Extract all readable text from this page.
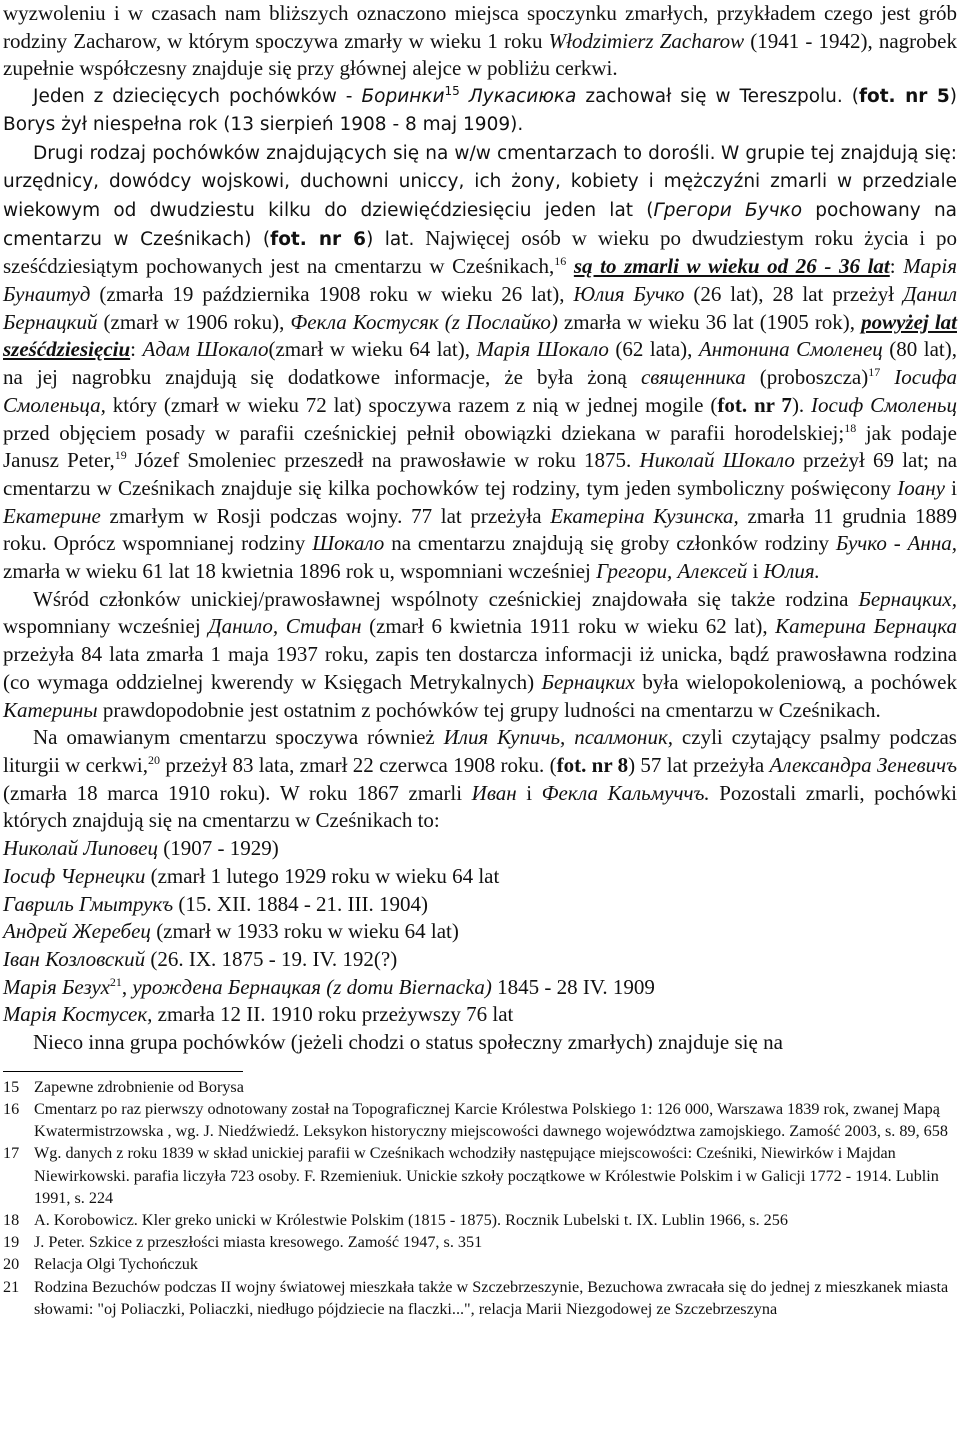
wyzwoleniu i w czasach nam bliższych oznaczono miejsca spoczynku zmarłych, przykładem czego jest grób rodziny Zacharow, w którym spoczywa zmarły w wieku 1 roku Włodzimierz Zacharow (1941 - 1942), nagrobek zupełnie współczesny znajduje się przy głównej alejce w pobliżu cerkwi.

Jeden z dziecięcych pochówków - Боринки$^{15}$ Лукасиюка zachował się w Tereszpolu. (fot. nr 5) Borys żył niespełna rok (13 sierpień 1908 - 8 maj 1909).

Drugi rodzaj pochówków znajdujących się na w/w cmentarzach to dorośli. W grupie tej znajdują się: urzędnicy, dowódcy wojskowi, duchowni uniccy, ich żony, kobiety i mężczyźni zmarli w przedziale wiekowym od dwudziestu kilku do dziewięćdziesięciu jeden lat (Грегори Бучко pochowany na cmentarzu w Cześnikach) (fot. nr 6) lat. Najwięcej osób w wieku po dwudziestym roku życia i po sześćdziesiątym pochowanych jest na cmentarzu w Cześnikach,$^{16}$ są to zmarli w wieku od 26 - 36 lat: Марія Бунаитуд (zmarła 19 października 1908 roku w wieku 26 lat), Юлия Бучко (26 lat), 28 lat przeżył Данил Бернацкий (zmarł w 1906 roku), Фекла Костусяк (z Послайко) zmarła w wieku 36 lat (1905 rok), powyżej lat sześćdziesięciu: Адам Шокало(zmarł w wieku 64 lat), Марія Шокало (62 lata), Антонина Смоленец (80 lat), na jej nagrobku znajdują się dodatkowe informacje, że była żoną священника (proboszcza)$^{17}$ Іосифа Смоленьца, który (zmarł w wieku 72 lat) spoczywa razem z nią w jednej mogile (fot. nr 7). Іосиф Смоленьц przed objęciem posady w parafii cześnickiej pełnił obowiązki dziekana w parafii horodelskiej;$^{18}$ jak podaje Janusz Peter,$^{19}$ Józef Smoleniec przeszedł na prawosławie w roku 1875. Николай Шокало przeżył 69 lat; na cmentarzu w Cześnikach znajduje się kilka pochowków tej rodziny, tym jeden symboliczny poświęcony Іоану i Екатерине zmarłym w Rosji podczas wojny. 77 lat przeżyła Екатеріна Кузинска, zmarła 11 grudnia 1889 roku. Oprócz wspomnianej rodziny Шокало na cmentarzu znajdują się groby członków rodziny Бучко - Анна, zmarła w wieku 61 lat 18 kwietnia 1896 rok u, wspomniani wcześniej Грегори, Алексей i Юлия.

Wśród członków unickiej/prawosławnej wspólnoty cześnickiej znajdowała się także rodzina Бернацких, wspomniany wcześniej Данило, Стифан (zmarł 6 kwietnia 1911 roku w wieku 62 lat), Катерина Бернацка przeżyła 84 lata zmarła 1 maja 1937 roku, zapis ten dostarcza informacji iż unicka, bądź prawosławna rodzina (co wymaga oddzielnej kwerendy w Księgach Metrykalnych) Бернацких była wielopokoleniową, a pochówek Катерины prawdopodobnie jest ostatnim z pochówków tej grupy ludności na cmentarzu w Cześnikach.

Na omawianym cmentarzu spoczywa również Илия Купичь, псалмоник, czyli czytający psalmy podczas liturgii w cerkwi,$^{20}$ przeżył 83 lata, zmarł 22 czerwca 1908 roku. (fot. nr 8) 57 lat przeżyła Александра Зеневичъ (zmarła 18 marca 1910 roku). W roku 1867 zmarli Иван i Фекла Кальмуччъ. Pozostali zmarli, pochówki których znajdują się na cmentarzu w Cześnikach to:

Николай Липовец (1907 - 1929)

Іосиф Чернецки (zmarł 1 lutego 1929 roku w wieku 64 lat

Гавриль Гмытрукъ (15. XII. 1884 - 21. III. 1904)

Андрей Жеребец (zmarł w 1933 roku w wieku 64 lat)

Іван Козловский (26. IX. 1875 - 19. IV. 192(?)

Марія Безух$^{21}$, урождена Бернацкая (z domu Biernacka) 1845 - 28 IV. 1909

Марія Костусек, zmarła 12 II. 1910 roku przeżywszy 76 lat

Nieco inna grupa pochówków (jeżeli chodzi o status społeczny zmarłych) znajduje się na

15 Zapewne zdrobnienie od Borysa
16 Cmentarz po raz pierwszy odnotowany został na Topograficznej Karcie Królestwa Polskiego 1: 126 000, Warszawa 1839 rok, zwanej Mapą Kwatermistrzowska , wg. J. Niedźwiedź. Leksykon historyczny miejscowości dawnego województwa zamojskiego. Zamość 2003, s. 89, 658
17 Wg. danych z roku 1839 w skład unickiej parafii w Cześnikach wchodziły następujące miejscowości: Cześniki, Niewirków i Majdan Niewirkowski. parafia liczyła 723 osoby. F. Rzemieniuk. Unickie szkoły początkowe w Królestwie Polskim i w Galicji 1772 - 1914. Lublin 1991, s. 224
18 A. Korobowicz. Kler greko unicki w Królestwie Polskim (1815 - 1875). Rocznik Lubelski t. IX. Lublin 1966, s. 256
19 J. Peter. Szkice z przeszłości miasta kresowego. Zamość 1947, s. 351
20 Relacja Olgi Tychończuk
21 Rodzina Bezuchów podczas II wojny światowej mieszkała także w Szczebrzeszynie, Bezuchowa zwracała się do jednej z mieszkanek miasta słowami: "oj Poliaczki, Poliaczki, niedługo pójdziecie na flaczki...", relacja Marii Niezgodowej ze Szczebrzeszyna
